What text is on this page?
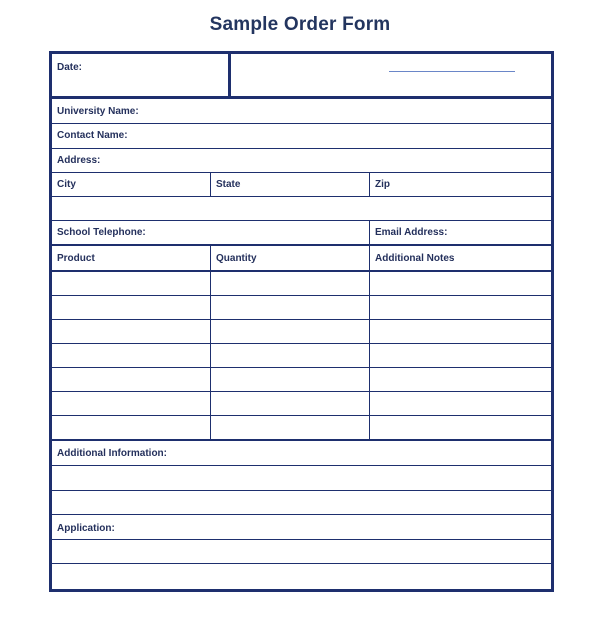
Sample Order Form
Date:
University Name:
Contact Name:
Address:
City	State	Zip
School Telephone:	Email Address:
Product	Quantity	Additional Notes
Additional Information:
Application:
